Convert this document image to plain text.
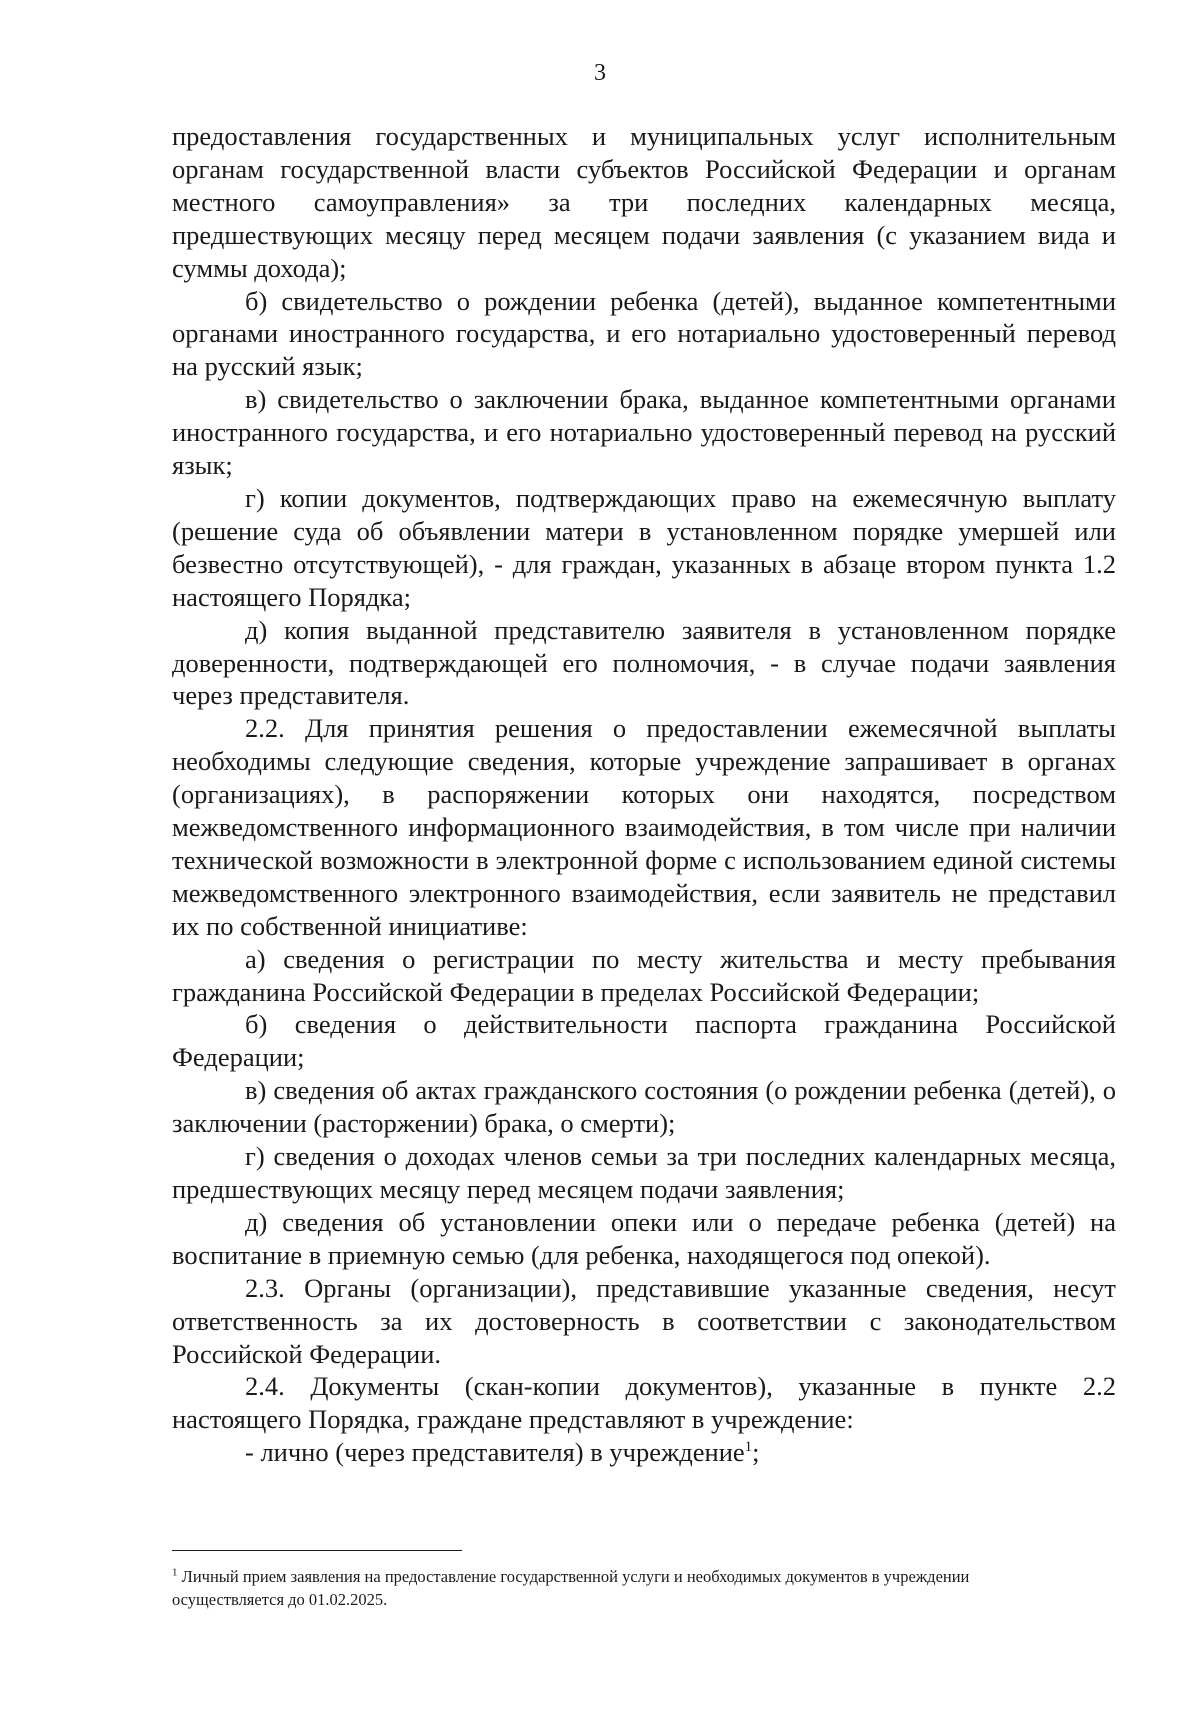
3

предоставления государственных и муниципальных услуг исполнительным органам государственной власти субъектов Российской Федерации и органам местного самоуправления» за три последних календарных месяца, предшествующих месяцу перед месяцем подачи заявления (с указанием вида и суммы дохода);

б) свидетельство о рождении ребенка (детей), выданное компетентными органами иностранного государства, и его нотариально удостоверенный перевод на русский язык;

в) свидетельство о заключении брака, выданное компетентными органами иностранного государства, и его нотариально удостоверенный перевод на русский язык;

г) копии документов, подтверждающих право на ежемесячную выплату (решение суда об объявлении матери в установленном порядке умершей или безвестно отсутствующей), - для граждан, указанных в абзаце втором пункта 1.2 настоящего Порядка;

д) копия выданной представителю заявителя в установленном порядке доверенности, подтверждающей его полномочия, - в случае подачи заявления через представителя.

2.2. Для принятия решения о предоставлении ежемесячной выплаты необходимы следующие сведения, которые учреждение запрашивает в органах (организациях), в распоряжении которых они находятся, посредством межведомственного информационного взаимодействия, в том числе при наличии технической возможности в электронной форме с использованием единой системы межведомственного электронного взаимодействия, если заявитель не представил их по собственной инициативе:

а) сведения о регистрации по месту жительства и месту пребывания гражданина Российской Федерации в пределах Российской Федерации;

б) сведения о действительности паспорта гражданина Российской Федерации;

в) сведения об актах гражданского состояния (о рождении ребенка (детей), о заключении (расторжении) брака, о смерти);

г) сведения о доходах членов семьи за три последних календарных месяца, предшествующих месяцу перед месяцем подачи заявления;

д) сведения об установлении опеки или о передаче ребенка (детей) на воспитание в приемную семью (для ребенка, находящегося под опекой).

2.3. Органы (организации), представившие указанные сведения, несут ответственность за их достоверность в соответствии с законодательством Российской Федерации.

2.4. Документы (скан-копии документов), указанные в пункте 2.2 настоящего Порядка, граждане представляют в учреждение:

- лично (через представителя) в учреждение$^1$;

$^1$ Личный прием заявления на предоставление государственной услуги и необходимых документов в учреждении осуществляется до 01.02.2025.
